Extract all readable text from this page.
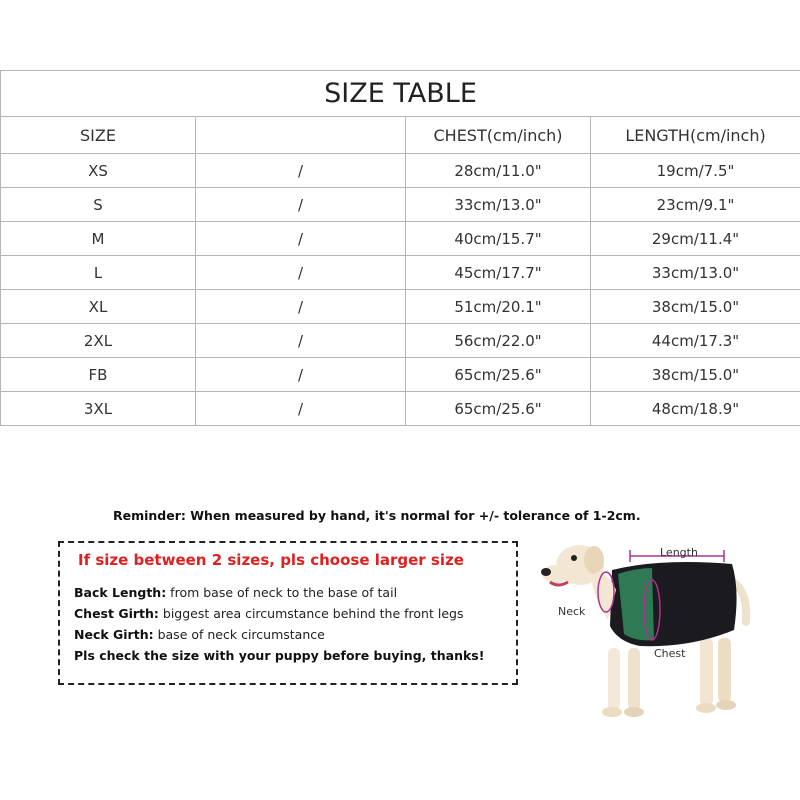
SIZE TABLE			
SIZE		CHEST(cm/inch)	LENGTH(cm/inch)
XS	/	28cm/11.0"	19cm/7.5"
S	/	33cm/13.0"	23cm/9.1"
M	/	40cm/15.7"	29cm/11.4"
L	/	45cm/17.7"	33cm/13.0"
XL	/	51cm/20.1"	38cm/15.0"
2XL	/	56cm/22.0"	44cm/17.3"
FB	/	65cm/25.6"	38cm/15.0"
3XL	/	65cm/25.6"	48cm/18.9"
Reminder: When measured by hand, it's normal for +/- tolerance of 1-2cm.
If size between 2 sizes, pls choose larger size
Back Length: from base of neck to the base of tail
Chest Girth: biggest area circumstance behind the front legs
Neck Girth: base of neck circumstance
Pls check the size with your puppy before buying, thanks!
Length
Neck
Chest
